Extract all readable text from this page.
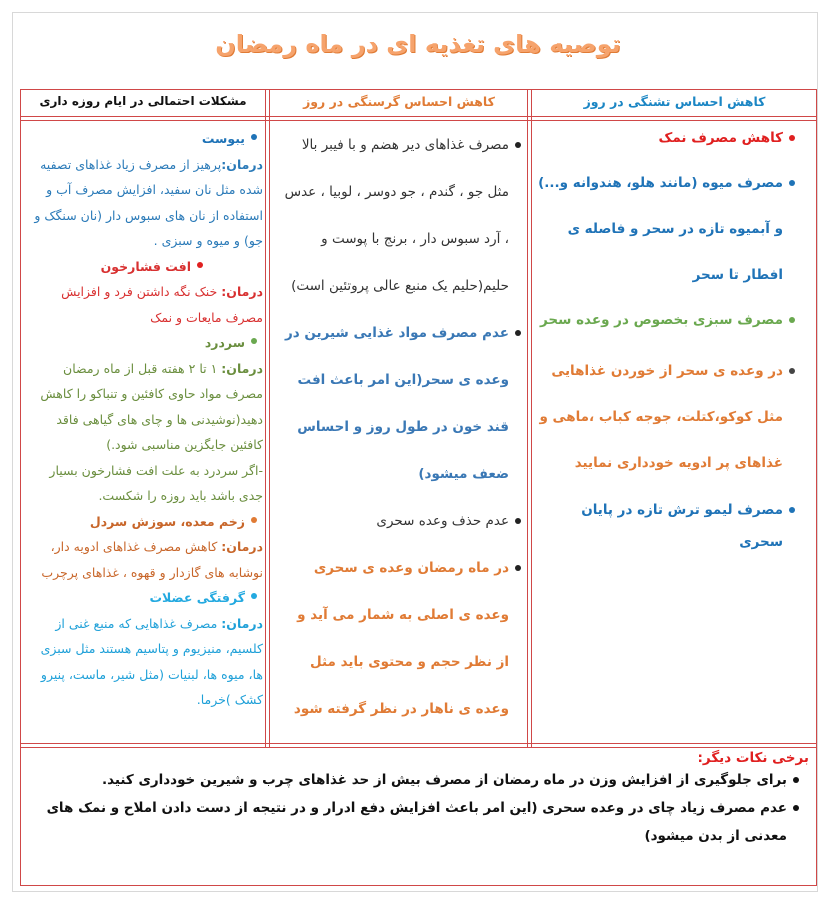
توصیه های تغذیه ای در ماه رمضان
کاهش احساس تشنگی در روز
کاهش احساس گرسنگی در روز
مشکلات احتمالی در ایام روزه داری
کاهش مصرف نمک
مصرف میوه (مانند هلو، هندوانه و...) و آبمیوه تازه در سحر و فاصله ی افطار تا سحر
مصرف سبزی بخصوص در وعده سحر
در وعده ی سحر از خوردن غذاهایی مثل کوکو،کتلت، جوجه کباب ،ماهی و غذاهای پر ادویه خودداری نمایید
مصرف لیمو ترش تازه در پایان سحری
مصرف غذاهای دیر هضم و با فیبر بالا مثل جو ، گندم ، جو دوسر ، لوبیا ، عدس ، آرد سبوس دار ، برنج با پوست و حلیم(حلیم یک منبع عالی پروتئین است)
عدم مصرف مواد غذایی شیرین در وعده ی سحر(این امر باعث افت قند خون در طول روز و احساس ضعف میشود)
عدم حذف وعده سحری
در ماه رمضان وعده ی سحری وعده ی اصلی به شمار می آید و از نظر حجم و محتوی باید مثل وعده ی ناهار در نظر گرفته شود
یبوست
درمان:پرهیز از مصرف زیاد غذاهای تصفیه شده مثل نان سفید، افزایش مصرف آب و استفاده از نان های سبوس دار (نان سنگک و جو) و میوه و سبزی .
افت فشارخون
درمان: خنک نگه داشتن فرد و افزایش مصرف مایعات و نمک
سردرد
درمان: ۱ تا ۲ هفته قبل از ماه رمضان مصرف مواد حاوی کافئین و تنباکو را کاهش دهید(نوشیدنی ها و چای های گیاهی فاقد کافئین جایگزین مناسبی شود.)
-اگر سردرد به علت افت فشارخون بسیار جدی باشد باید روزه را شکست.
زخم معده، سوزش سردل
درمان: کاهش مصرف غذاهای ادویه دار، نوشابه های گازدار و قهوه ، غذاهای پرچرب
گرفتگی عضلات
درمان: مصرف غذاهایی که منبع غنی از کلسیم، منیزیوم و پتاسیم هستند مثل سبزی ها، میوه ها، لبنیات (مثل شیر، ماست، پنیرو کشک )خرما.
برخی نکات دیگر:
برای جلوگیری از افزایش وزن در ماه رمضان از مصرف بیش از حد غذاهای چرب و شیرین خودداری کنید.
عدم مصرف زیاد چای در وعده سحری (این امر باعث افزایش دفع ادرار و در نتیجه از دست دادن املاح و نمک های معدنی از بدن میشود)
